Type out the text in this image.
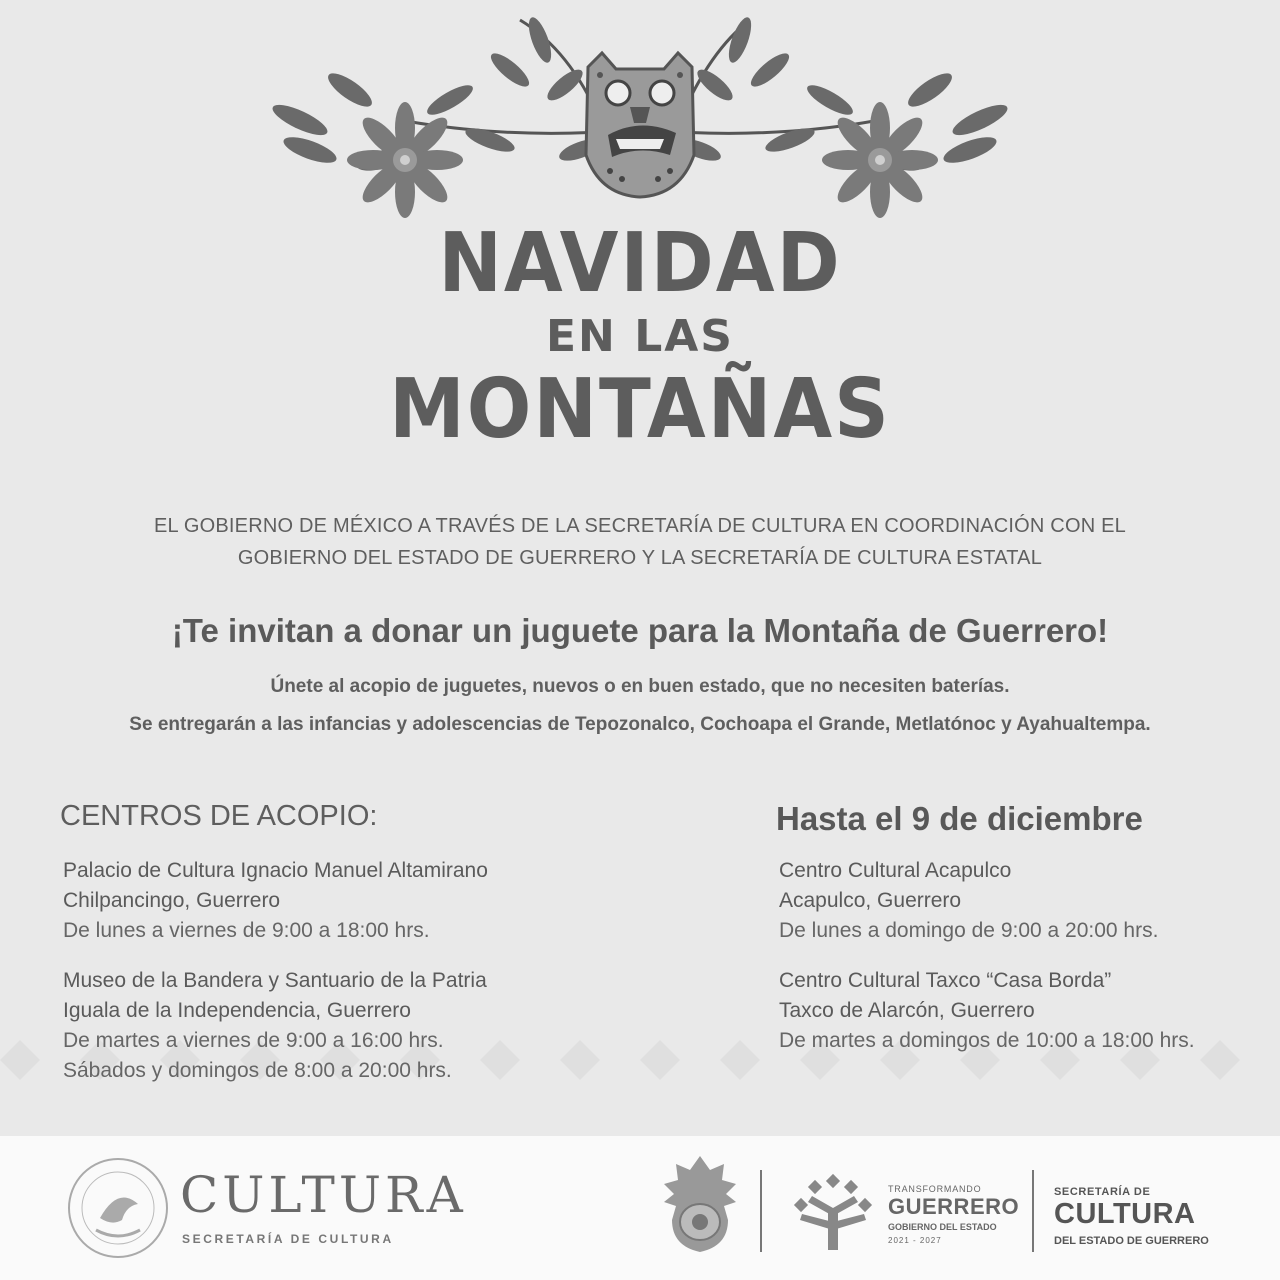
NAVIDAD
EN LAS
MONTAÑAS
EL GOBIERNO DE MÉXICO A TRAVÉS DE LA SECRETARÍA DE CULTURA EN COORDINACIÓN CON EL
GOBIERNO DEL ESTADO DE GUERRERO Y LA SECRETARÍA DE CULTURA ESTATAL
¡Te invitan a donar un juguete para la Montaña de Guerrero!
Únete al acopio de juguetes, nuevos o en buen estado, que no necesiten baterías.
Se entregarán a las infancias y adolescencias de Tepozonalco, Cochoapa el Grande, Metlatónoc y Ayahualtempa.
CENTROS DE ACOPIO:
Palacio de Cultura Ignacio Manuel Altamirano
Chilpancingo, Guerrero
De lunes a viernes de 9:00 a 18:00 hrs.
Museo de la Bandera y Santuario de la Patria
Iguala de la Independencia, Guerrero
De martes a viernes de 9:00 a 16:00 hrs.
Sábados y domingos de 8:00 a 20:00 hrs.
Hasta el 9 de diciembre
Centro Cultural Acapulco
Acapulco, Guerrero
De lunes a domingo de 9:00 a 20:00 hrs.
Centro Cultural Taxco “Casa Borda”
Taxco de Alarcón, Guerrero
De martes a domingos de 10:00 a 18:00 hrs.
CULTURA
SECRETARÍA DE CULTURA
TRANSFORMANDO
GUERRERO
GOBIERNO DEL ESTADO
2021 - 2027
SECRETARÍA DE
CULTURA
DEL ESTADO DE GUERRERO
